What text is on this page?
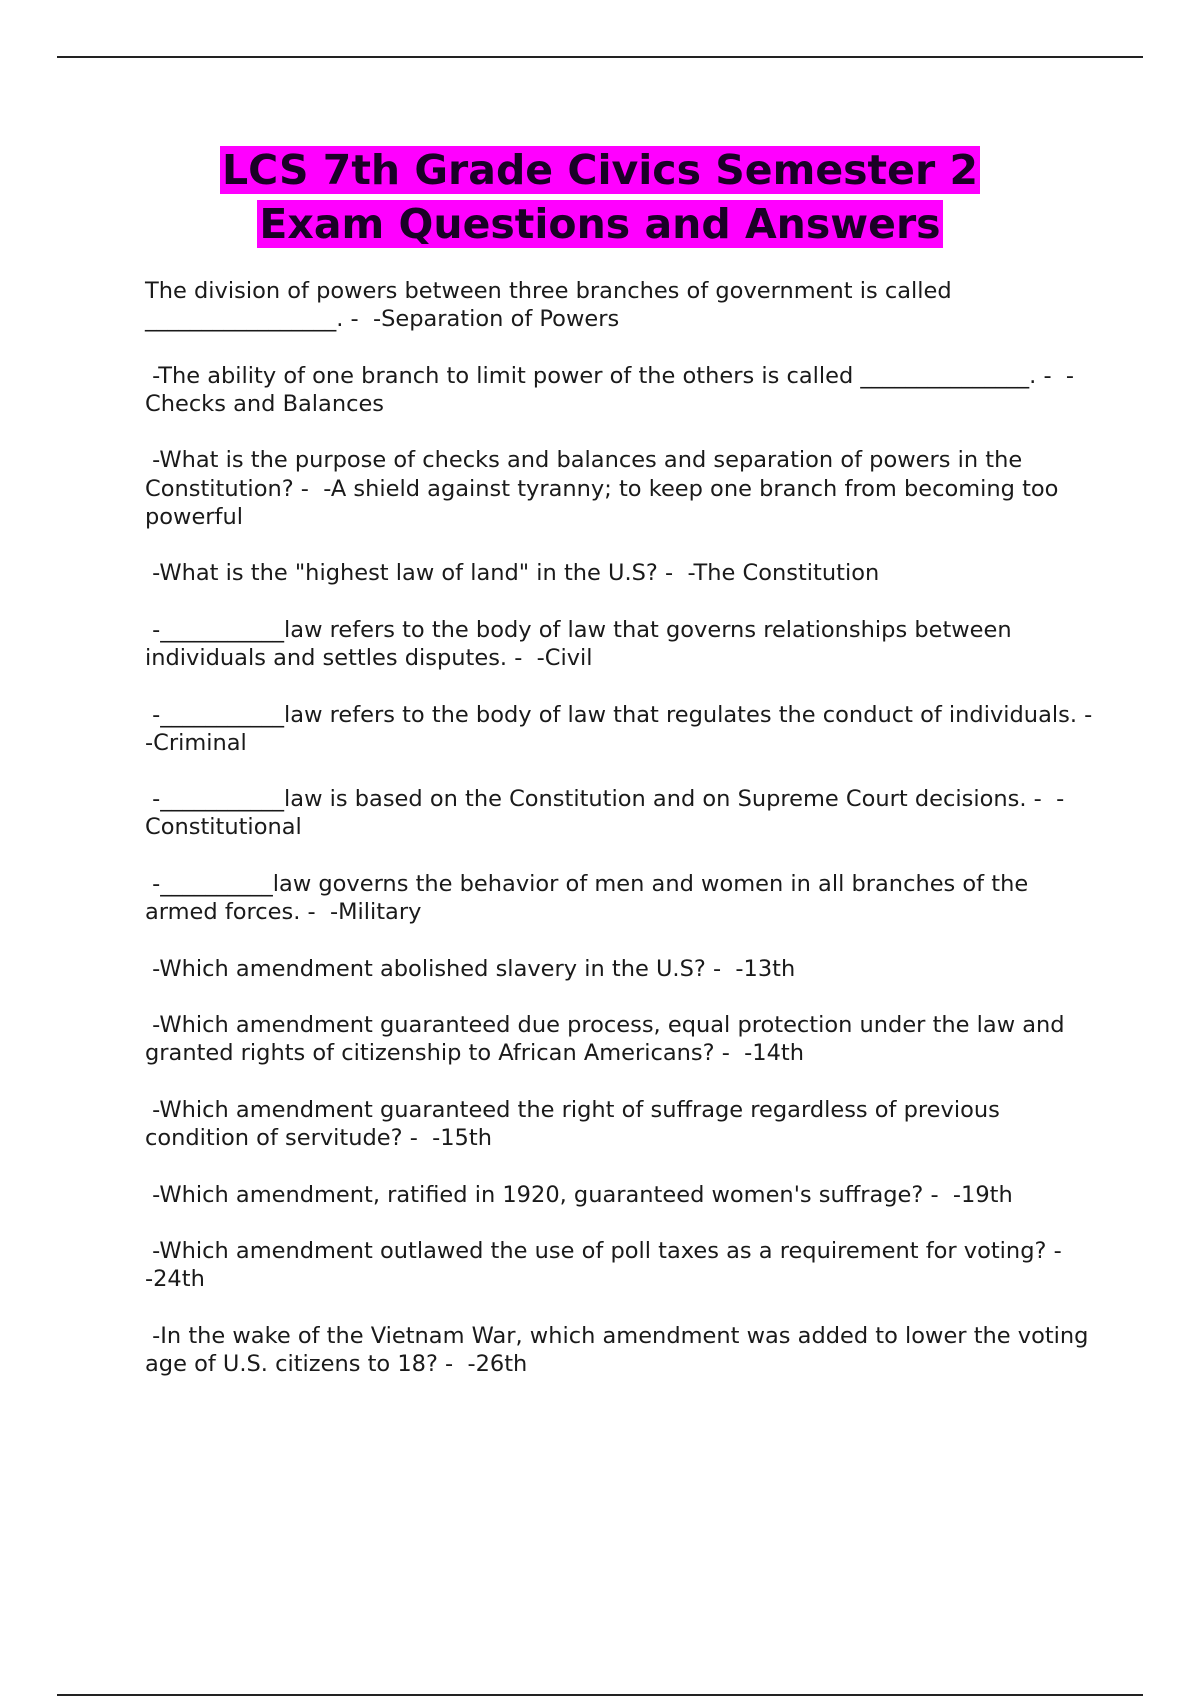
LCS 7th Grade Civics Semester 2
Exam Questions and Answers
The division of powers between three branches of government is called _________________. -  -Separation of Powers
-The ability of one branch to limit power of the others is called _______________. -  -Checks and Balances
-What is the purpose of checks and balances and separation of powers in the Constitution? -  -A shield against tyranny; to keep one branch from becoming too powerful
-What is the "highest law of land" in the U.S? -  -The Constitution
-___________law refers to the body of law that governs relationships between individuals and settles disputes. -  -Civil
-___________law refers to the body of law that regulates the conduct of individuals. -  -Criminal
-___________law is based on the Constitution and on Supreme Court decisions. -  -Constitutional
-__________law governs the behavior of men and women in all branches of the armed forces. -  -Military
-Which amendment abolished slavery in the U.S? -  -13th
-Which amendment guaranteed due process, equal protection under the law and granted rights of citizenship to African Americans? -  -14th
-Which amendment guaranteed the right of suffrage regardless of previous condition of servitude? -  -15th
-Which amendment, ratified in 1920, guaranteed women's suffrage? -  -19th
-Which amendment outlawed the use of poll taxes as a requirement for voting? -  -24th
-In the wake of the Vietnam War, which amendment was added to lower the voting age of U.S. citizens to 18? -  -26th
